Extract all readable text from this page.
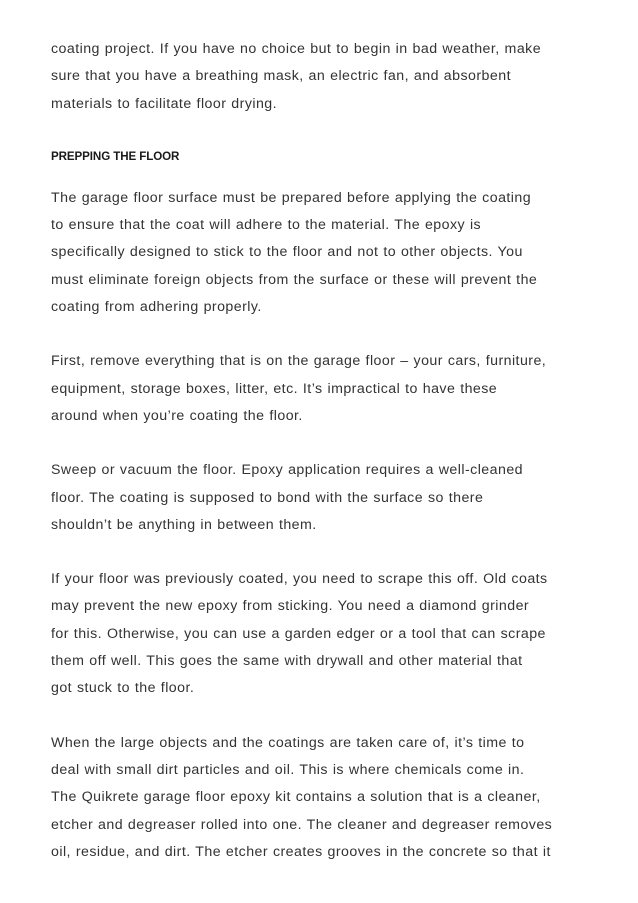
coating project. If you have no choice but to begin in bad weather, make
sure that you have a breathing mask, an electric fan, and absorbent
materials to facilitate floor drying.

PREPPING THE FLOOR

The garage floor surface must be prepared before applying the coating
to ensure that the coat will adhere to the material. The epoxy is
specifically designed to stick to the floor and not to other objects. You
must eliminate foreign objects from the surface or these will prevent the
coating from adhering properly.

First, remove everything that is on the garage floor – your cars, furniture,
equipment, storage boxes, litter, etc. It’s impractical to have these
around when you’re coating the floor.

Sweep or vacuum the floor. Epoxy application requires a well-cleaned
floor. The coating is supposed to bond with the surface so there
shouldn’t be anything in between them.

If your floor was previously coated, you need to scrape this off. Old coats
may prevent the new epoxy from sticking. You need a diamond grinder
for this. Otherwise, you can use a garden edger or a tool that can scrape
them off well. This goes the same with drywall and other material that
got stuck to the floor.

When the large objects and the coatings are taken care of, it’s time to
deal with small dirt particles and oil. This is where chemicals come in.
The Quikrete garage floor epoxy kit contains a solution that is a cleaner,
etcher and degreaser rolled into one. The cleaner and degreaser removes
oil, residue, and dirt. The etcher creates grooves in the concrete so that it
